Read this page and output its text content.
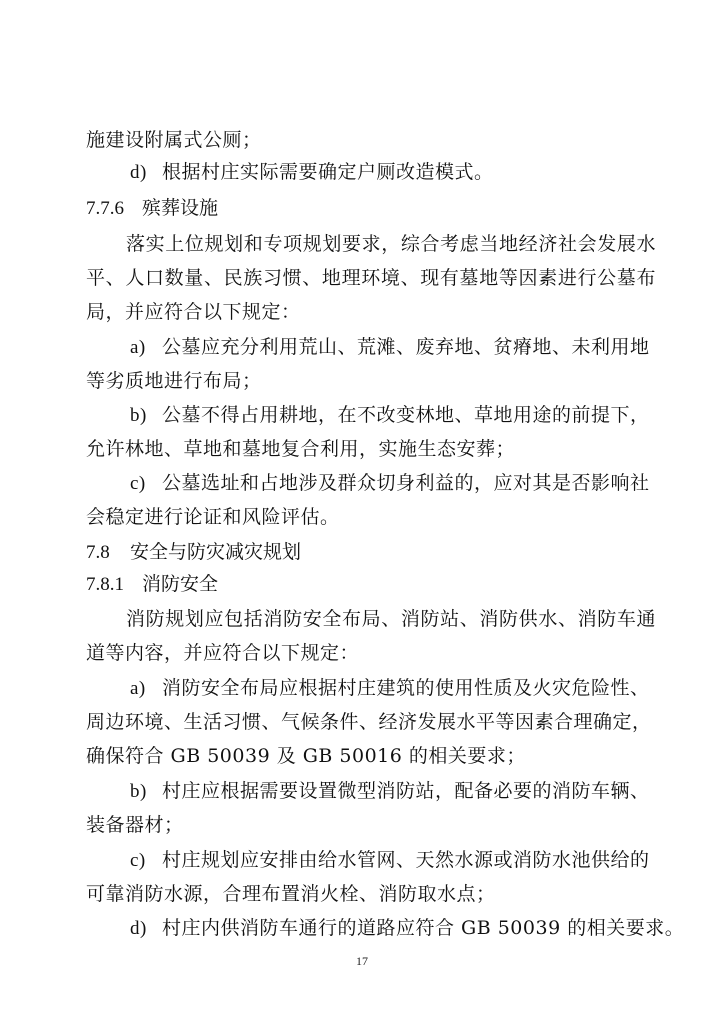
施建设附属式公厕；
d) 根据村庄实际需要确定户厕改造模式。
7.7.6 殡葬设施
落实上位规划和专项规划要求，综合考虑当地经济社会发展水
平、人口数量、民族习惯、地理环境、现有墓地等因素进行公墓布
局，并应符合以下规定：
a) 公墓应充分利用荒山、荒滩、废弃地、贫瘠地、未利用地
等劣质地进行布局；
b) 公墓不得占用耕地，在不改变林地、草地用途的前提下，
允许林地、草地和墓地复合利用，实施生态安葬；
c) 公墓选址和占地涉及群众切身利益的，应对其是否影响社
会稳定进行论证和风险评估。
7.8 安全与防灾减灾规划
7.8.1 消防安全
消防规划应包括消防安全布局、消防站、消防供水、消防车通
道等内容，并应符合以下规定：
a) 消防安全布局应根据村庄建筑的使用性质及火灾危险性、
周边环境、生活习惯、气候条件、经济发展水平等因素合理确定，
确保符合 GB 50039 及 GB 50016 的相关要求；
b) 村庄应根据需要设置微型消防站，配备必要的消防车辆、
装备器材；
c) 村庄规划应安排由给水管网、天然水源或消防水池供给的
可靠消防水源，合理布置消火栓、消防取水点；
d) 村庄内供消防车通行的道路应符合 GB 50039 的相关要求。
17
